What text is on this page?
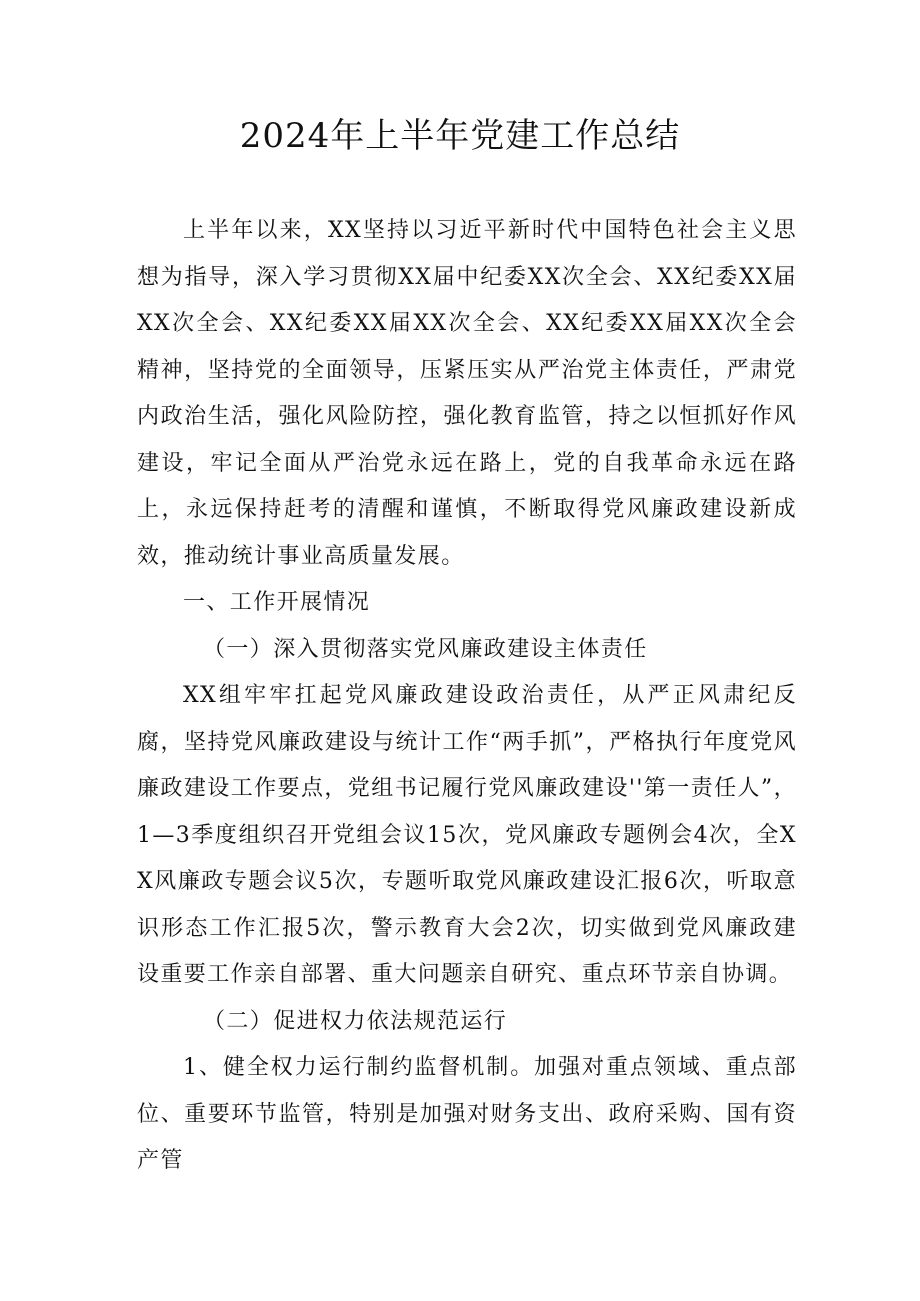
2024年上半年党建工作总结

上半年以来，XX坚持以习近平新时代中国特色社会主义思想为指导，深入学习贯彻XX届中纪委XX次全会、XX纪委XX届XX次全会、XX纪委XX届XX次全会、XX纪委XX届XX次全会精神，坚持党的全面领导，压紧压实从严治党主体责任，严肃党内政治生活，强化风险防控，强化教育监管，持之以恒抓好作风建设，牢记全面从严治党永远在路上，党的自我革命永远在路上，永远保持赶考的清醒和谨慎，不断取得党风廉政建设新成效，推动统计事业高质量发展。

一、工作开展情况

（一）深入贯彻落实党风廉政建设主体责任

XX组牢牢扛起党风廉政建设政治责任，从严正风肃纪反腐，坚持党风廉政建设与统计工作“两手抓”，严格执行年度党风廉政建设工作要点，党组书记履行党风廉政建设''第一责任人”，1—3季度组织召开党组会议15次，党风廉政专题例会4次，全XX风廉政专题会议5次，专题听取党风廉政建设汇报6次，听取意识形态工作汇报5次，警示教育大会2次，切实做到党风廉政建设重要工作亲自部署、重大问题亲自研究、重点环节亲自协调。

（二）促进权力依法规范运行

1、健全权力运行制约监督机制。加强对重点领域、重点部位、重要环节监管，特别是加强对财务支出、政府采购、国有资产管
